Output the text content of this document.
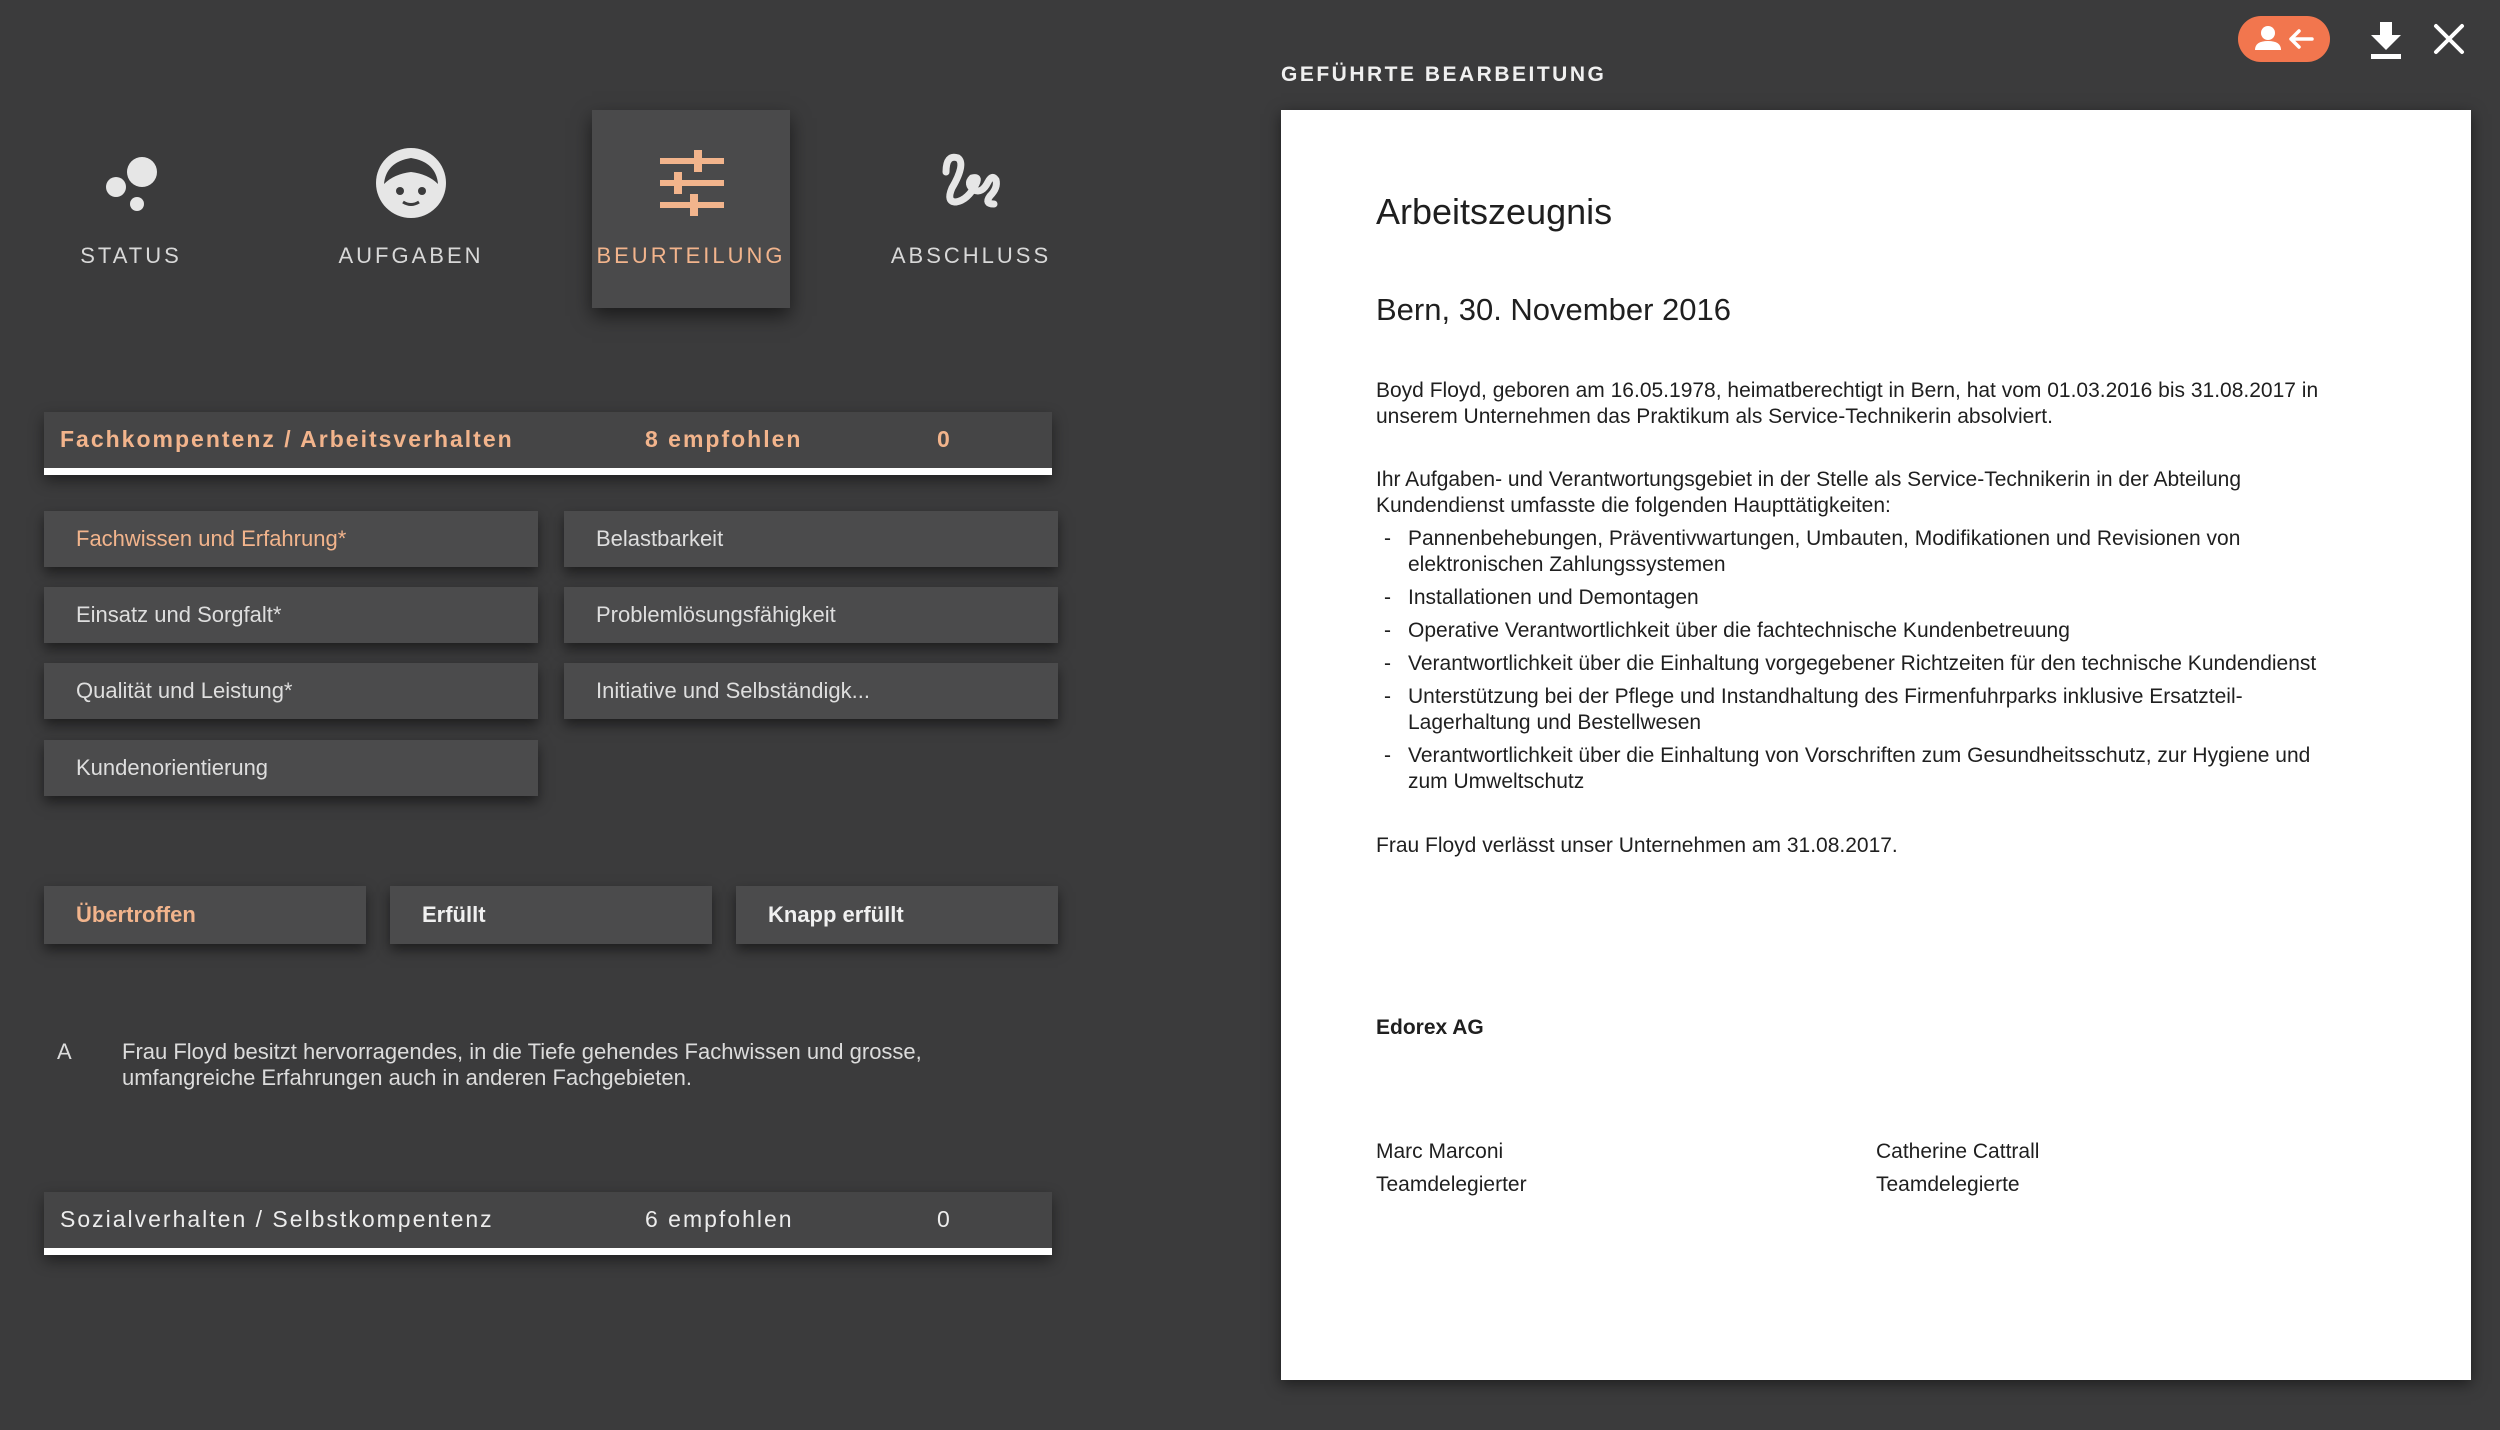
STATUS	AUFGABEN	BEURTEILUNG	ABSCHLUSS
Fachkompentenz / Arbeitsverhalten	8 empfohlen	0
Fachwissen und Erfahrung*	Belastbarkeit
Einsatz und Sorgfalt*	Problemlösungsfähigkeit
Qualität und Leistung*	Initiative und Selbständigk...
Kundenorientierung
Übertroffen	Erfüllt	Knapp erfüllt
A Frau Floyd besitzt hervorragendes, in die Tiefe gehendes Fachwissen und grosse,
umfangreiche Erfahrungen auch in anderen Fachgebieten.
Sozialverhalten / Selbstkompentenz	6 empfohlen	0
GEFÜHRTE BEARBEITUNG
Arbeitszeugnis
Bern, 30. November 2016
Boyd Floyd, geboren am 16.05.1978, heimatberechtigt in Bern, hat vom 01.03.2016 bis 31.08.2017 in
unserem Unternehmen das Praktikum als Service-Technikerin absolviert.
Ihr Aufgaben- und Verantwortungsgebiet in der Stelle als Service-Technikerin in der Abteilung
Kundendienst umfasste die folgenden Haupttätigkeiten:
- Pannenbehebungen, Präventivwartungen, Umbauten, Modifikationen und Revisionen von
elektronischen Zahlungssystemen
- Installationen und Demontagen
- Operative Verantwortlichkeit über die fachtechnische Kundenbetreuung
- Verantwortlichkeit über die Einhaltung vorgegebener Richtzeiten für den technische Kundendienst
- Unterstützung bei der Pflege und Instandhaltung des Firmenfuhrparks inklusive Ersatzteil-
Lagerhaltung und Bestellwesen
- Verantwortlichkeit über die Einhaltung von Vorschriften zum Gesundheitsschutz, zur Hygiene und
zum Umweltschutz
Frau Floyd verlässt unser Unternehmen am 31.08.2017.
Edorex AG
Marc Marconi
Teamdelegierter
Catherine Cattrall
Teamdelegierte
